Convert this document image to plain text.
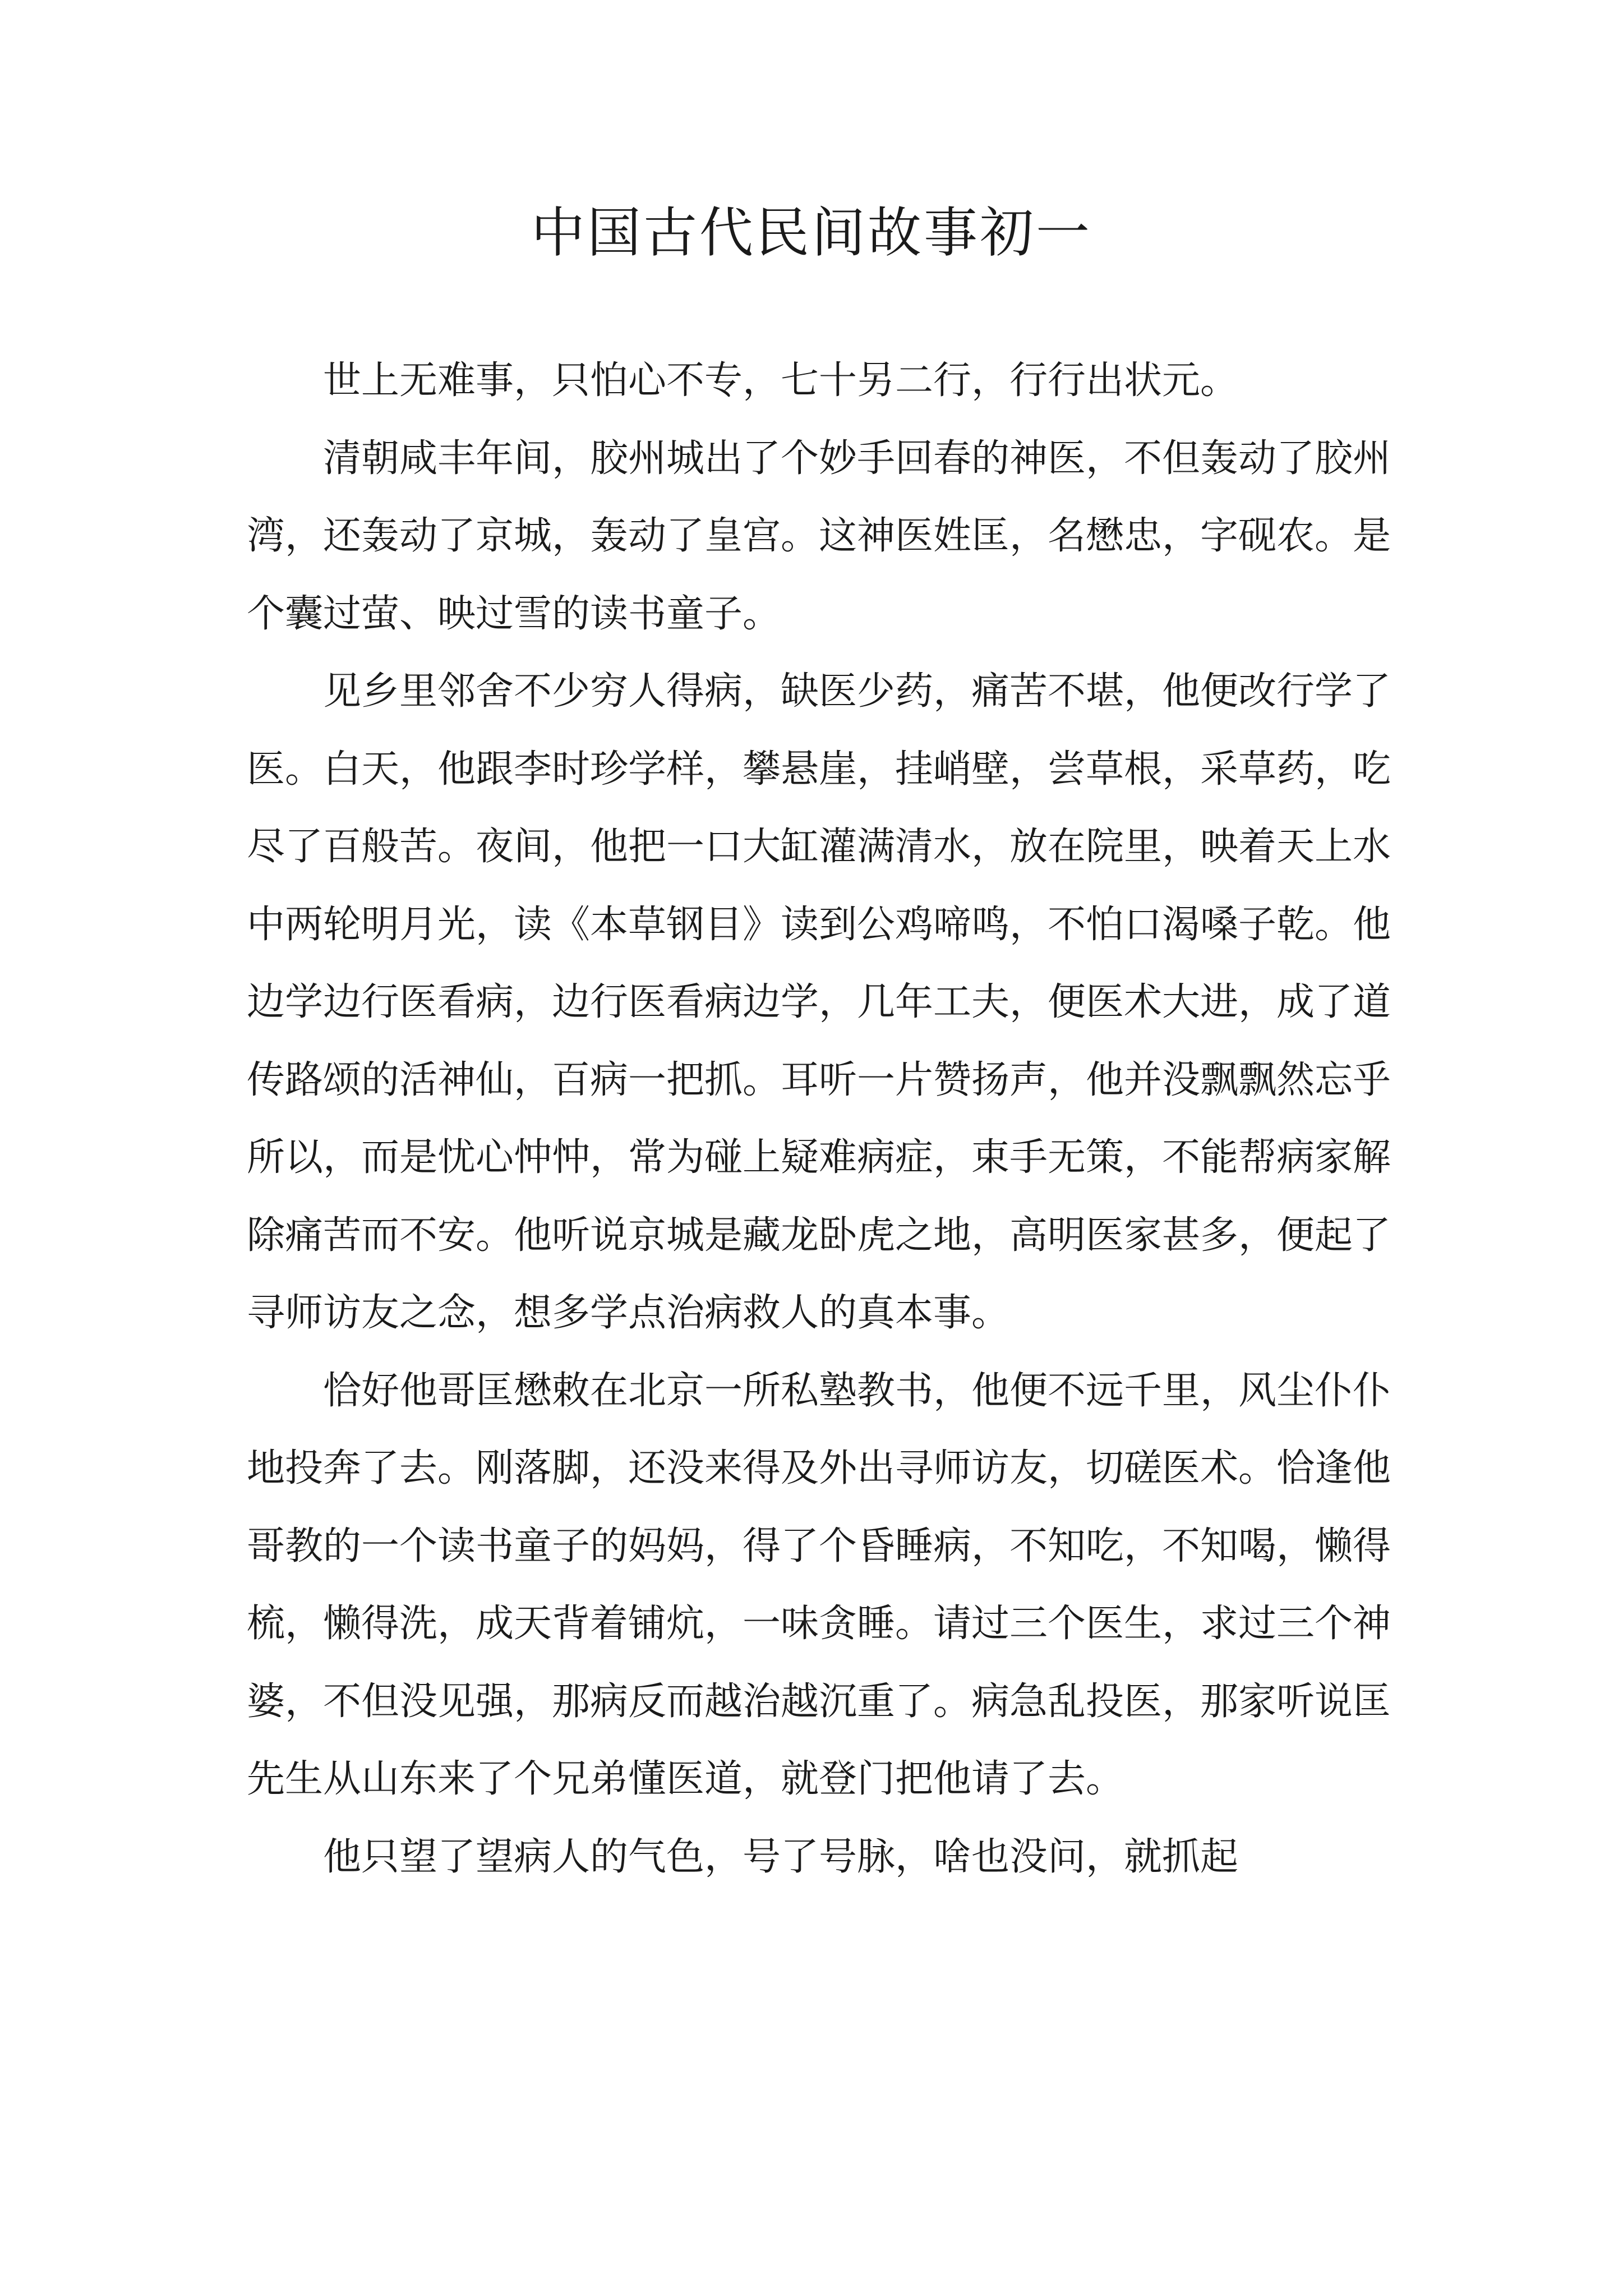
中国古代民间故事初一

世上无难事，只怕心不专，七十另二行，行行出状元。

清朝咸丰年间，胶州城出了个妙手回春的神医，不但轰动了胶州湾，还轰动了京城，轰动了皇宫。这神医姓匡，名懋忠，字砚农。是个囊过萤、映过雪的读书童子。

见乡里邻舍不少穷人得病，缺医少药，痛苦不堪，他便改行学了医。白天，他跟李时珍学样，攀悬崖，挂峭壁，尝草根，采草药，吃尽了百般苦。夜间，他把一口大缸灌满清水，放在院里，映着天上水中两轮明月光，读《本草钢目》读到公鸡啼鸣，不怕口渴嗓子乾。他边学边行医看病，边行医看病边学，几年工夫，便医术大进，成了道传路颂的活神仙，百病一把抓。耳听一片赞扬声，他并没飘飘然忘乎所以，而是忧心忡忡，常为碰上疑难病症，束手无策，不能帮病家解除痛苦而不安。他听说京城是藏龙卧虎之地，高明医家甚多，便起了寻师访友之念，想多学点治病救人的真本事。

恰好他哥匡懋敕在北京一所私塾教书，他便不远千里，风尘仆仆地投奔了去。刚落脚，还没来得及外出寻师访友，切磋医术。恰逢他哥教的一个读书童子的妈妈，得了个昏睡病，不知吃，不知喝，懒得梳，懒得洗，成天背着铺炕，一味贪睡。请过三个医生，求过三个神婆，不但没见强，那病反而越治越沉重了。病急乱投医，那家听说匡先生从山东来了个兄弟懂医道，就登门把他请了去。

他只望了望病人的气色，号了号脉，啥也没问，就抓起
